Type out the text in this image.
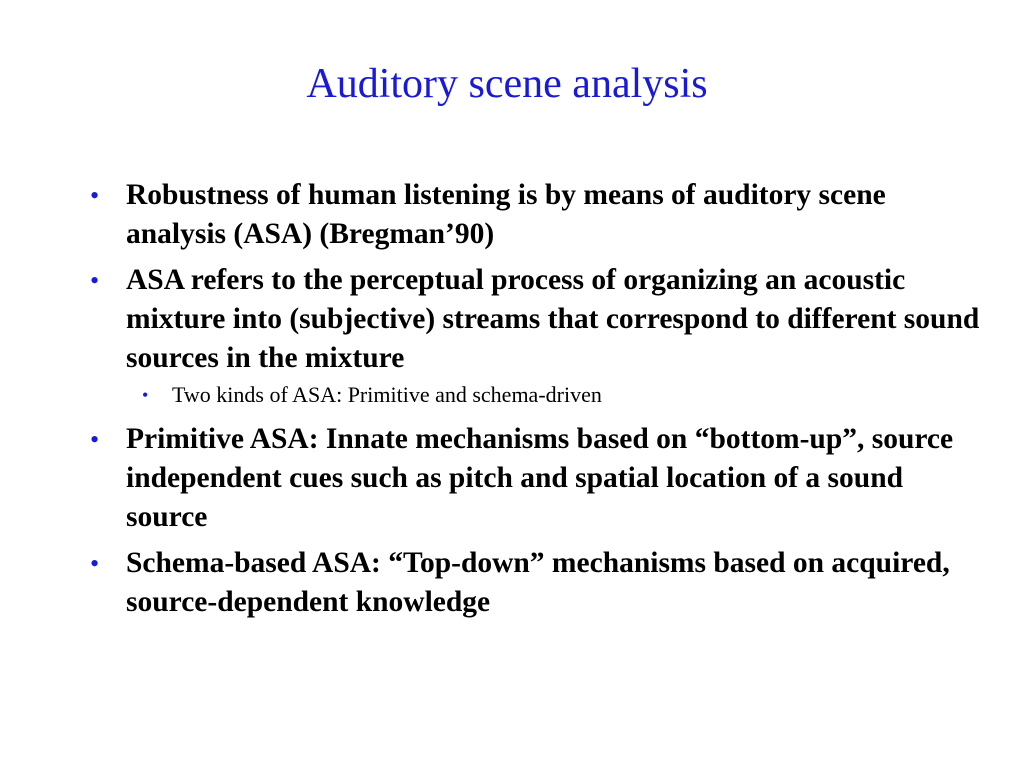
Auditory scene analysis
• Robustness of human listening is by means of auditory scene analysis (ASA) (Bregman’90)
• ASA refers to the perceptual process of organizing an acoustic mixture into (subjective) streams that correspond to different sound sources in the mixture
• Two kinds of ASA: Primitive and schema-driven
• Primitive ASA: Innate mechanisms based on “bottom-up”, source independent cues such as pitch and spatial location of a sound source
• Schema-based ASA: “Top-down” mechanisms based on acquired, source-dependent knowledge
